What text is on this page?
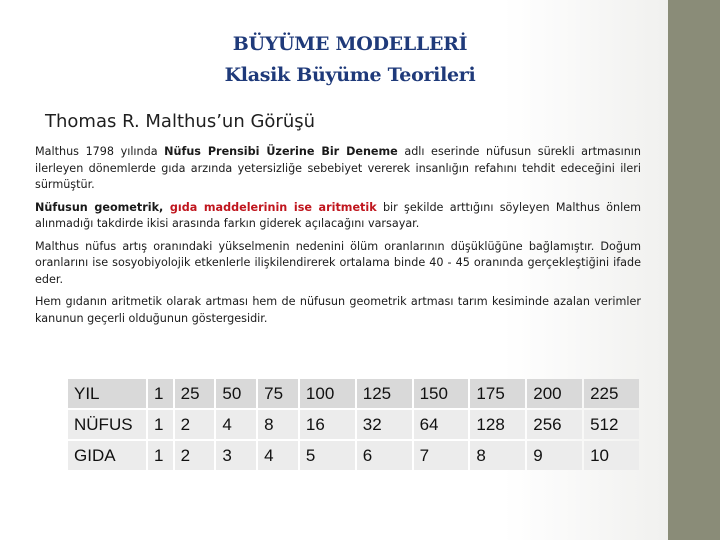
BÜYÜME MODELLERİ
Klasik Büyüme Teorileri
Thomas R. Malthus’un Görüşü

Malthus 1798 yılında Nüfus Prensibi Üzerine Bir Deneme adlı eserinde nüfusun sürekli artmasının ilerleyen dönemlerde gıda arzında yetersizliğe sebebiyet vererek insanlığın refahını tehdit edeceğini ileri sürmüştür.

Nüfusun geometrik, gıda maddelerinin ise aritmetik bir şekilde arttığını söyleyen Malthus önlem alınmadığı takdirde ikisi arasında farkın giderek açılacağını varsayar.

Malthus nüfus artış oranındaki yükselmenin nedenini ölüm oranlarının düşüklüğüne bağlamıştır. Doğum oranlarını ise sosyobiyolojik etkenlerle ilişkilendirerek ortalama binde 40 - 45 oranında gerçekleştiğini ifade eder.

Hem gıdanın aritmetik olarak artması hem de nüfusun geometrik artması tarım kesiminde azalan verimler kanunun geçerli olduğunun göstergesidir.

YIL	1	25	50	75	100	125	150	175	200	225
NÜFUS	1	2	4	8	16	32	64	128	256	512
GIDA	1	2	3	4	5	6	7	8	9	10
